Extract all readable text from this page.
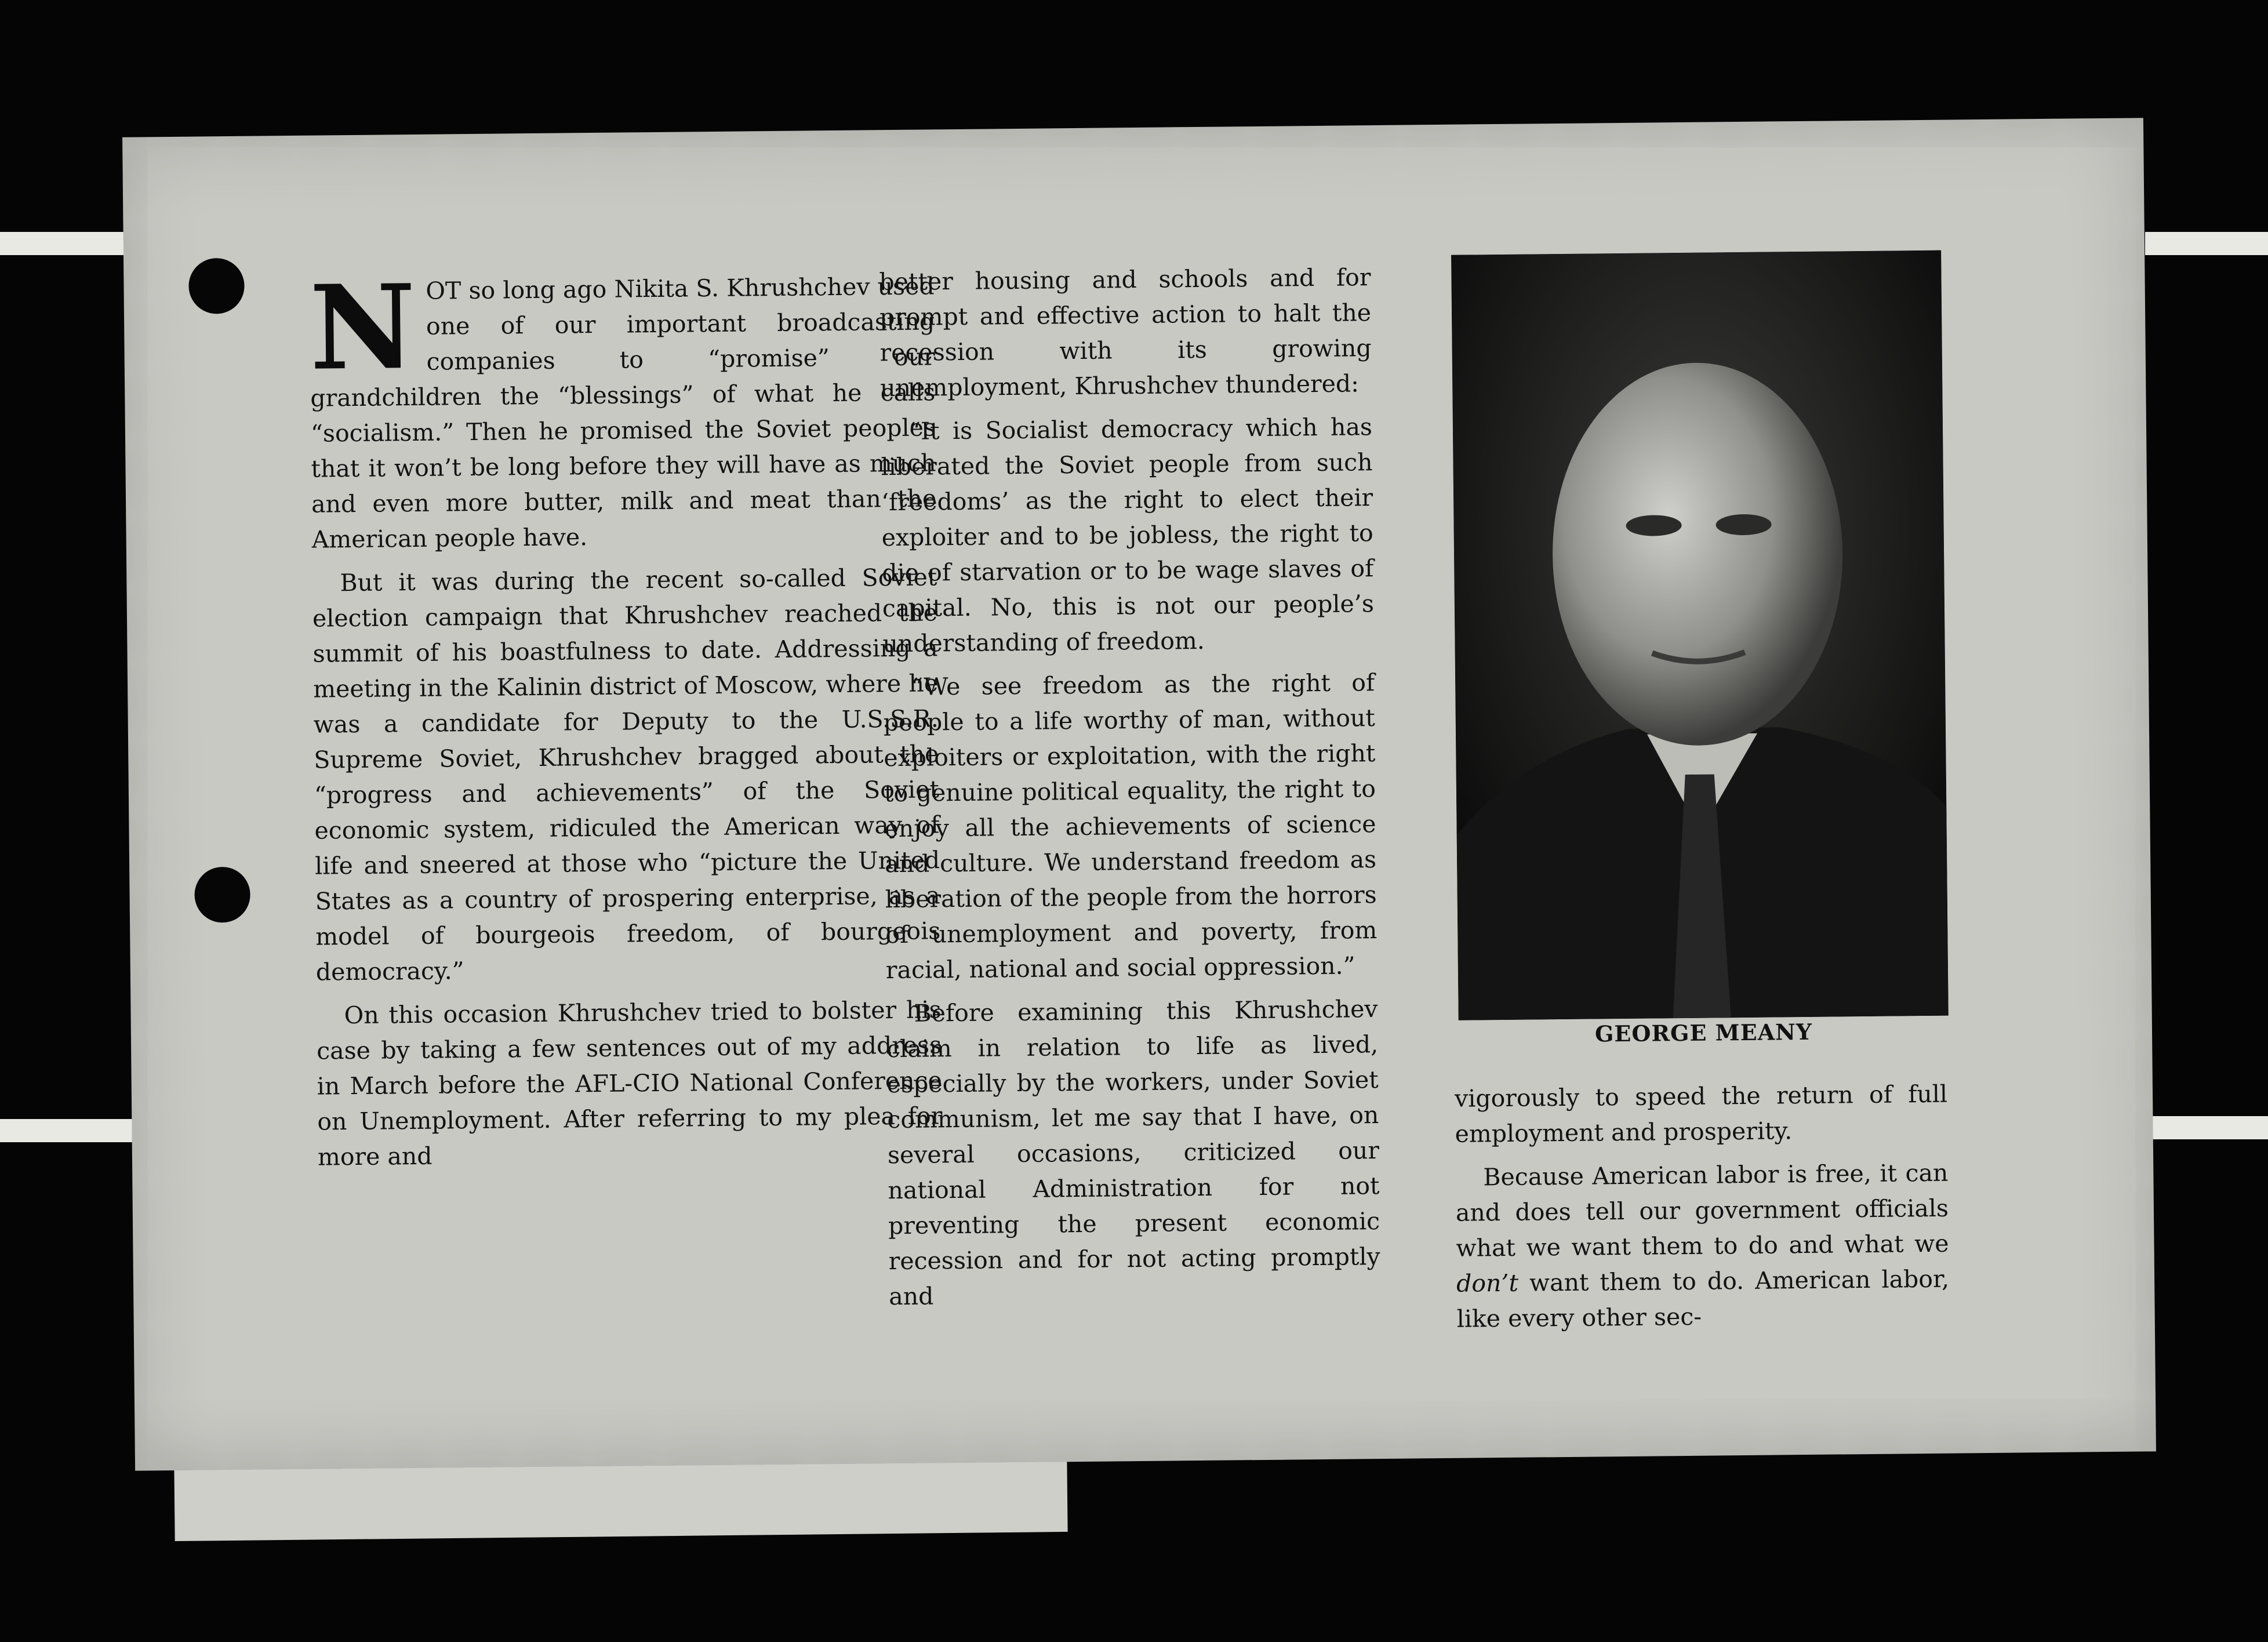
N OT so long ago Nikita S. Khrushchev used one of our important broadcasting companies to “promise” our grandchildren the “blessings” of what he calls “socialism.” Then he promised the Soviet peoples that it won’t be long before they will have as much and even more butter, milk and meat than the American people have.

But it was during the recent so-called Soviet election campaign that Khrushchev reached the summit of his boastfulness to date. Addressing a meeting in the Kalinin district of Moscow, where he was a candidate for Deputy to the U.S.S.R. Supreme Soviet, Khrushchev bragged about the “progress and achievements” of the Soviet economic system, ridiculed the American way of life and sneered at those who “picture the United States as a country of prospering enterprise, as a model of bourgeois freedom, of bourgeois democracy.”

On this occasion Khrushchev tried to bolster his case by taking a few sentences out of my address in March before the AFL-CIO National Conference on Unemployment. After referring to my plea for more and

better housing and schools and for prompt and effective action to halt the recession with its growing unemployment, Khrushchev thundered:

“It is Socialist democracy which has liberated the Soviet people from such ‘freedoms’ as the right to elect their exploiter and to be jobless, the right to die of starvation or to be wage slaves of capital. No, this is not our people’s understanding of freedom.

“We see freedom as the right of people to a life worthy of man, without exploiters or exploitation, with the right to genuine political equality, the right to enjoy all the achievements of science and culture. We understand freedom as liberation of the people from the horrors of unemployment and poverty, from racial, national and social oppression.”

Before examining this Khrushchev claim in relation to life as lived, especially by the workers, under Soviet communism, let me say that I have, on several occasions, criticized our national Administration for not preventing the present economic recession and for not acting promptly and

GEORGE MEANY

vigorously to speed the return of full employment and prosperity.

Because American labor is free, it can and does tell our government officials what we want them to do and what we don’t want them to do. American labor, like every other sec-
